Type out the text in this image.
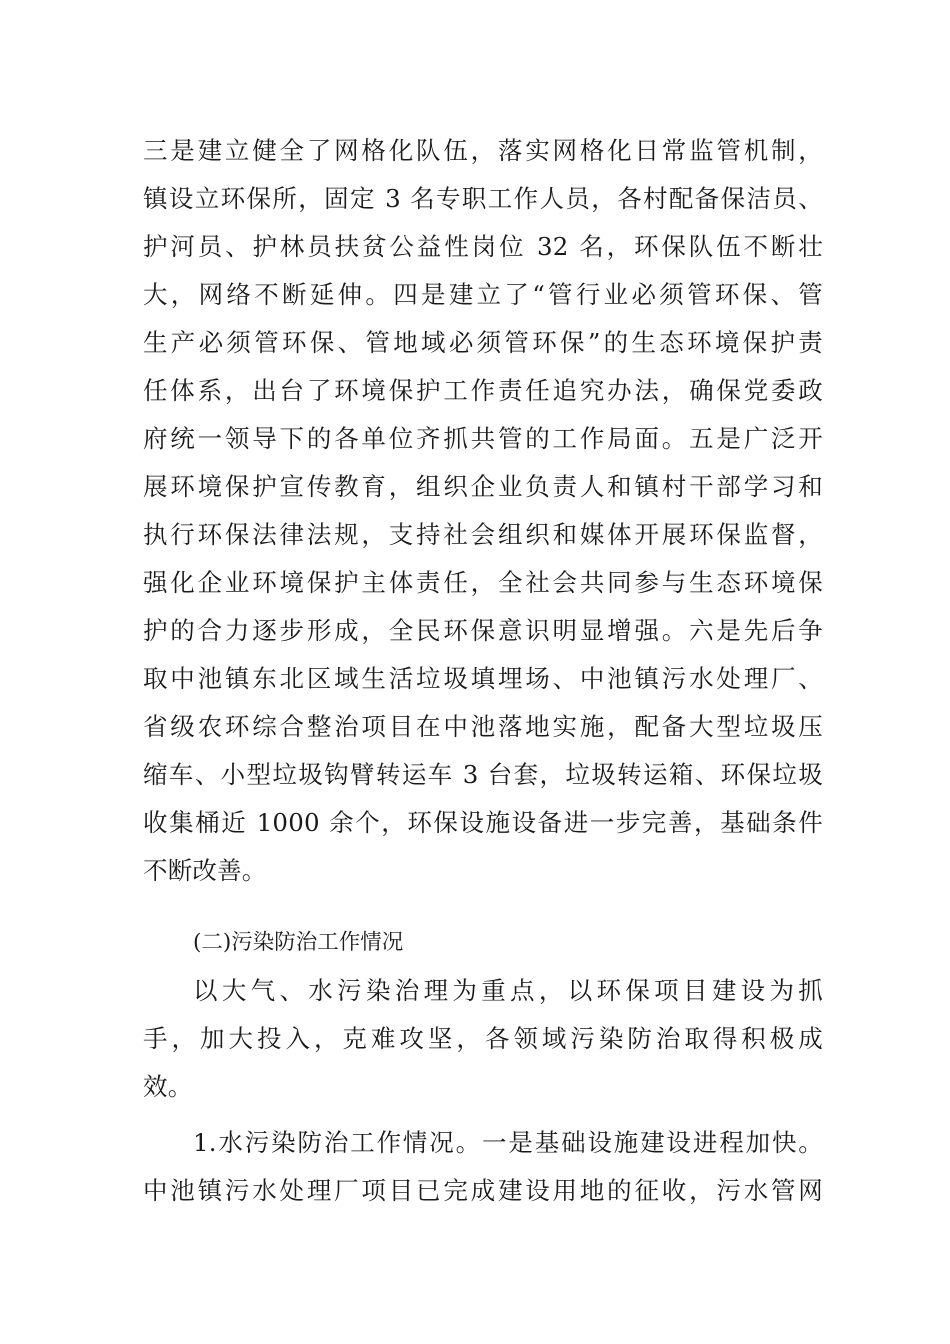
三是建立健全了网格化队伍，落实网格化日常监管机制，
镇设立环保所，固定 3 名专职工作人员，各村配备保洁员、
护河员、护林员扶贫公益性岗位 32 名，环保队伍不断壮
大，网络不断延伸。四是建立了“管行业必须管环保、管
生产必须管环保、管地域必须管环保”的生态环境保护责
任体系，出台了环境保护工作责任追究办法，确保党委政
府统一领导下的各单位齐抓共管的工作局面。五是广泛开
展环境保护宣传教育，组织企业负责人和镇村干部学习和
执行环保法律法规，支持社会组织和媒体开展环保监督，
强化企业环境保护主体责任，全社会共同参与生态环境保
护的合力逐步形成，全民环保意识明显增强。六是先后争
取中池镇东北区域生活垃圾填埋场、中池镇污水处理厂、
省级农环综合整治项目在中池落地实施，配备大型垃圾压
缩车、小型垃圾钩臂转运车 3 台套，垃圾转运箱、环保垃圾
收集桶近 1000 余个，环保设施设备进一步完善，基础条件
不断改善。
(二)污染防治工作情况
以大气、水污染治理为重点，以环保项目建设为抓
手，加大投入，克难攻坚，各领域污染防治取得积极成
效。
1.水污染防治工作情况。一是基础设施建设进程加快。
中池镇污水处理厂项目已完成建设用地的征收，污水管网
